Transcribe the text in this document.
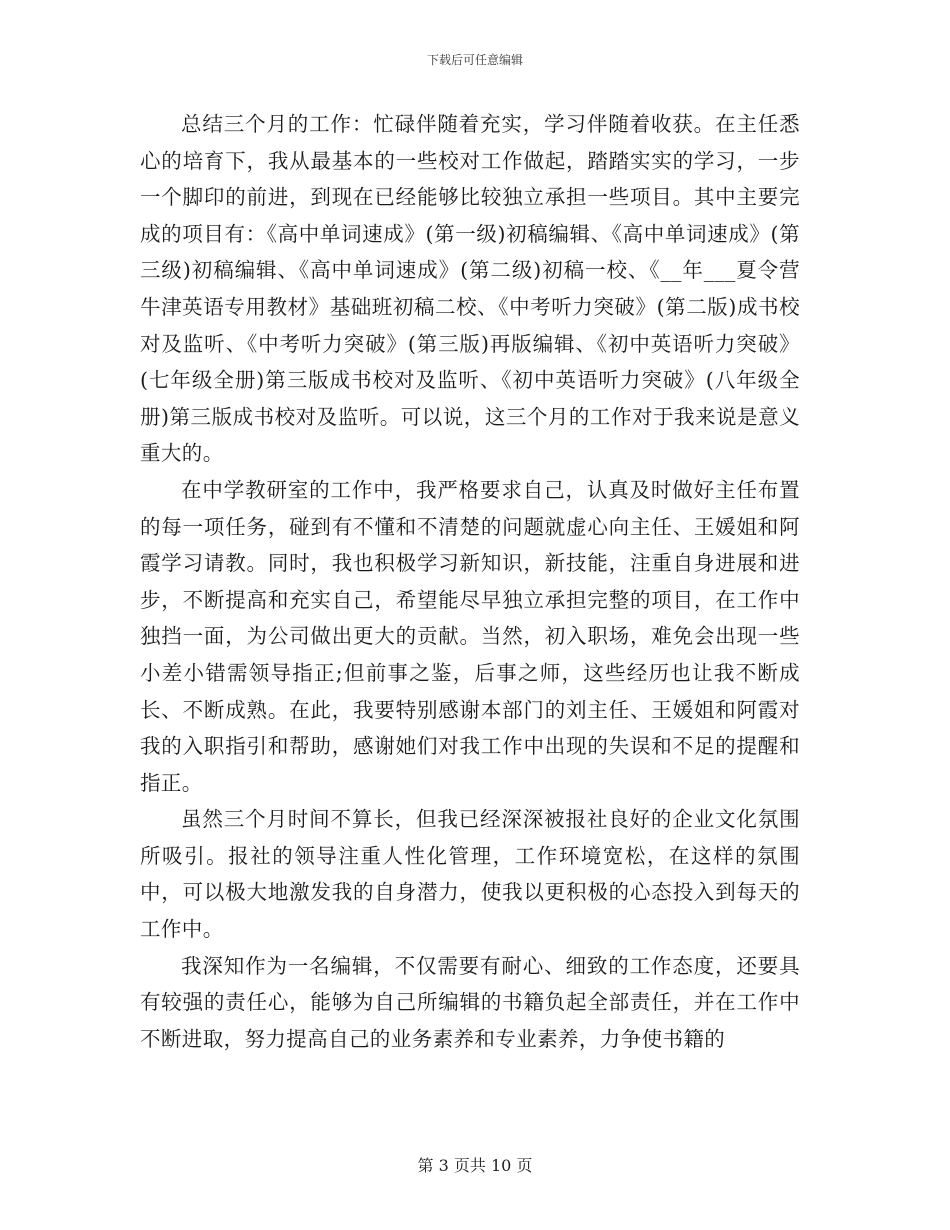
下载后可任意编辑

总结三个月的工作：忙碌伴随着充实，学习伴随着收获。在主任悉心的培育下，我从最基本的一些校对工作做起，踏踏实实的学习，一步一个脚印的前进，到现在已经能够比较独立承担一些项目。其中主要完成的项目有：《高中单词速成》(第一级)初稿编辑、《高中单词速成》(第三级)初稿编辑、《高中单词速成》(第二级)初稿一校、《__年___夏令营牛津英语专用教材》基础班初稿二校、《中考听力突破》(第二版)成书校对及监听、《中考听力突破》(第三版)再版编辑、《初中英语听力突破》(七年级全册)第三版成书校对及监听、《初中英语听力突破》(八年级全册)第三版成书校对及监听。可以说，这三个月的工作对于我来说是意义重大的。

在中学教研室的工作中，我严格要求自己，认真及时做好主任布置的每一项任务，碰到有不懂和不清楚的问题就虚心向主任、王媛姐和阿霞学习请教。同时，我也积极学习新知识，新技能，注重自身进展和进步，不断提高和充实自己，希望能尽早独立承担完整的项目，在工作中独挡一面，为公司做出更大的贡献。当然，初入职场，难免会出现一些小差小错需领导指正;但前事之鉴，后事之师，这些经历也让我不断成长、不断成熟。在此，我要特别感谢本部门的刘主任、王媛姐和阿霞对我的入职指引和帮助，感谢她们对我工作中出现的失误和不足的提醒和指正。

虽然三个月时间不算长，但我已经深深被报社良好的企业文化氛围所吸引。报社的领导注重人性化管理，工作环境宽松，在这样的氛围中，可以极大地激发我的自身潜力，使我以更积极的心态投入到每天的工作中。

我深知作为一名编辑，不仅需要有耐心、细致的工作态度，还要具有较强的责任心，能够为自己所编辑的书籍负起全部责任，并在工作中不断进取，努力提高自己的业务素养和专业素养，力争使书籍的

第 3 页共 10 页
